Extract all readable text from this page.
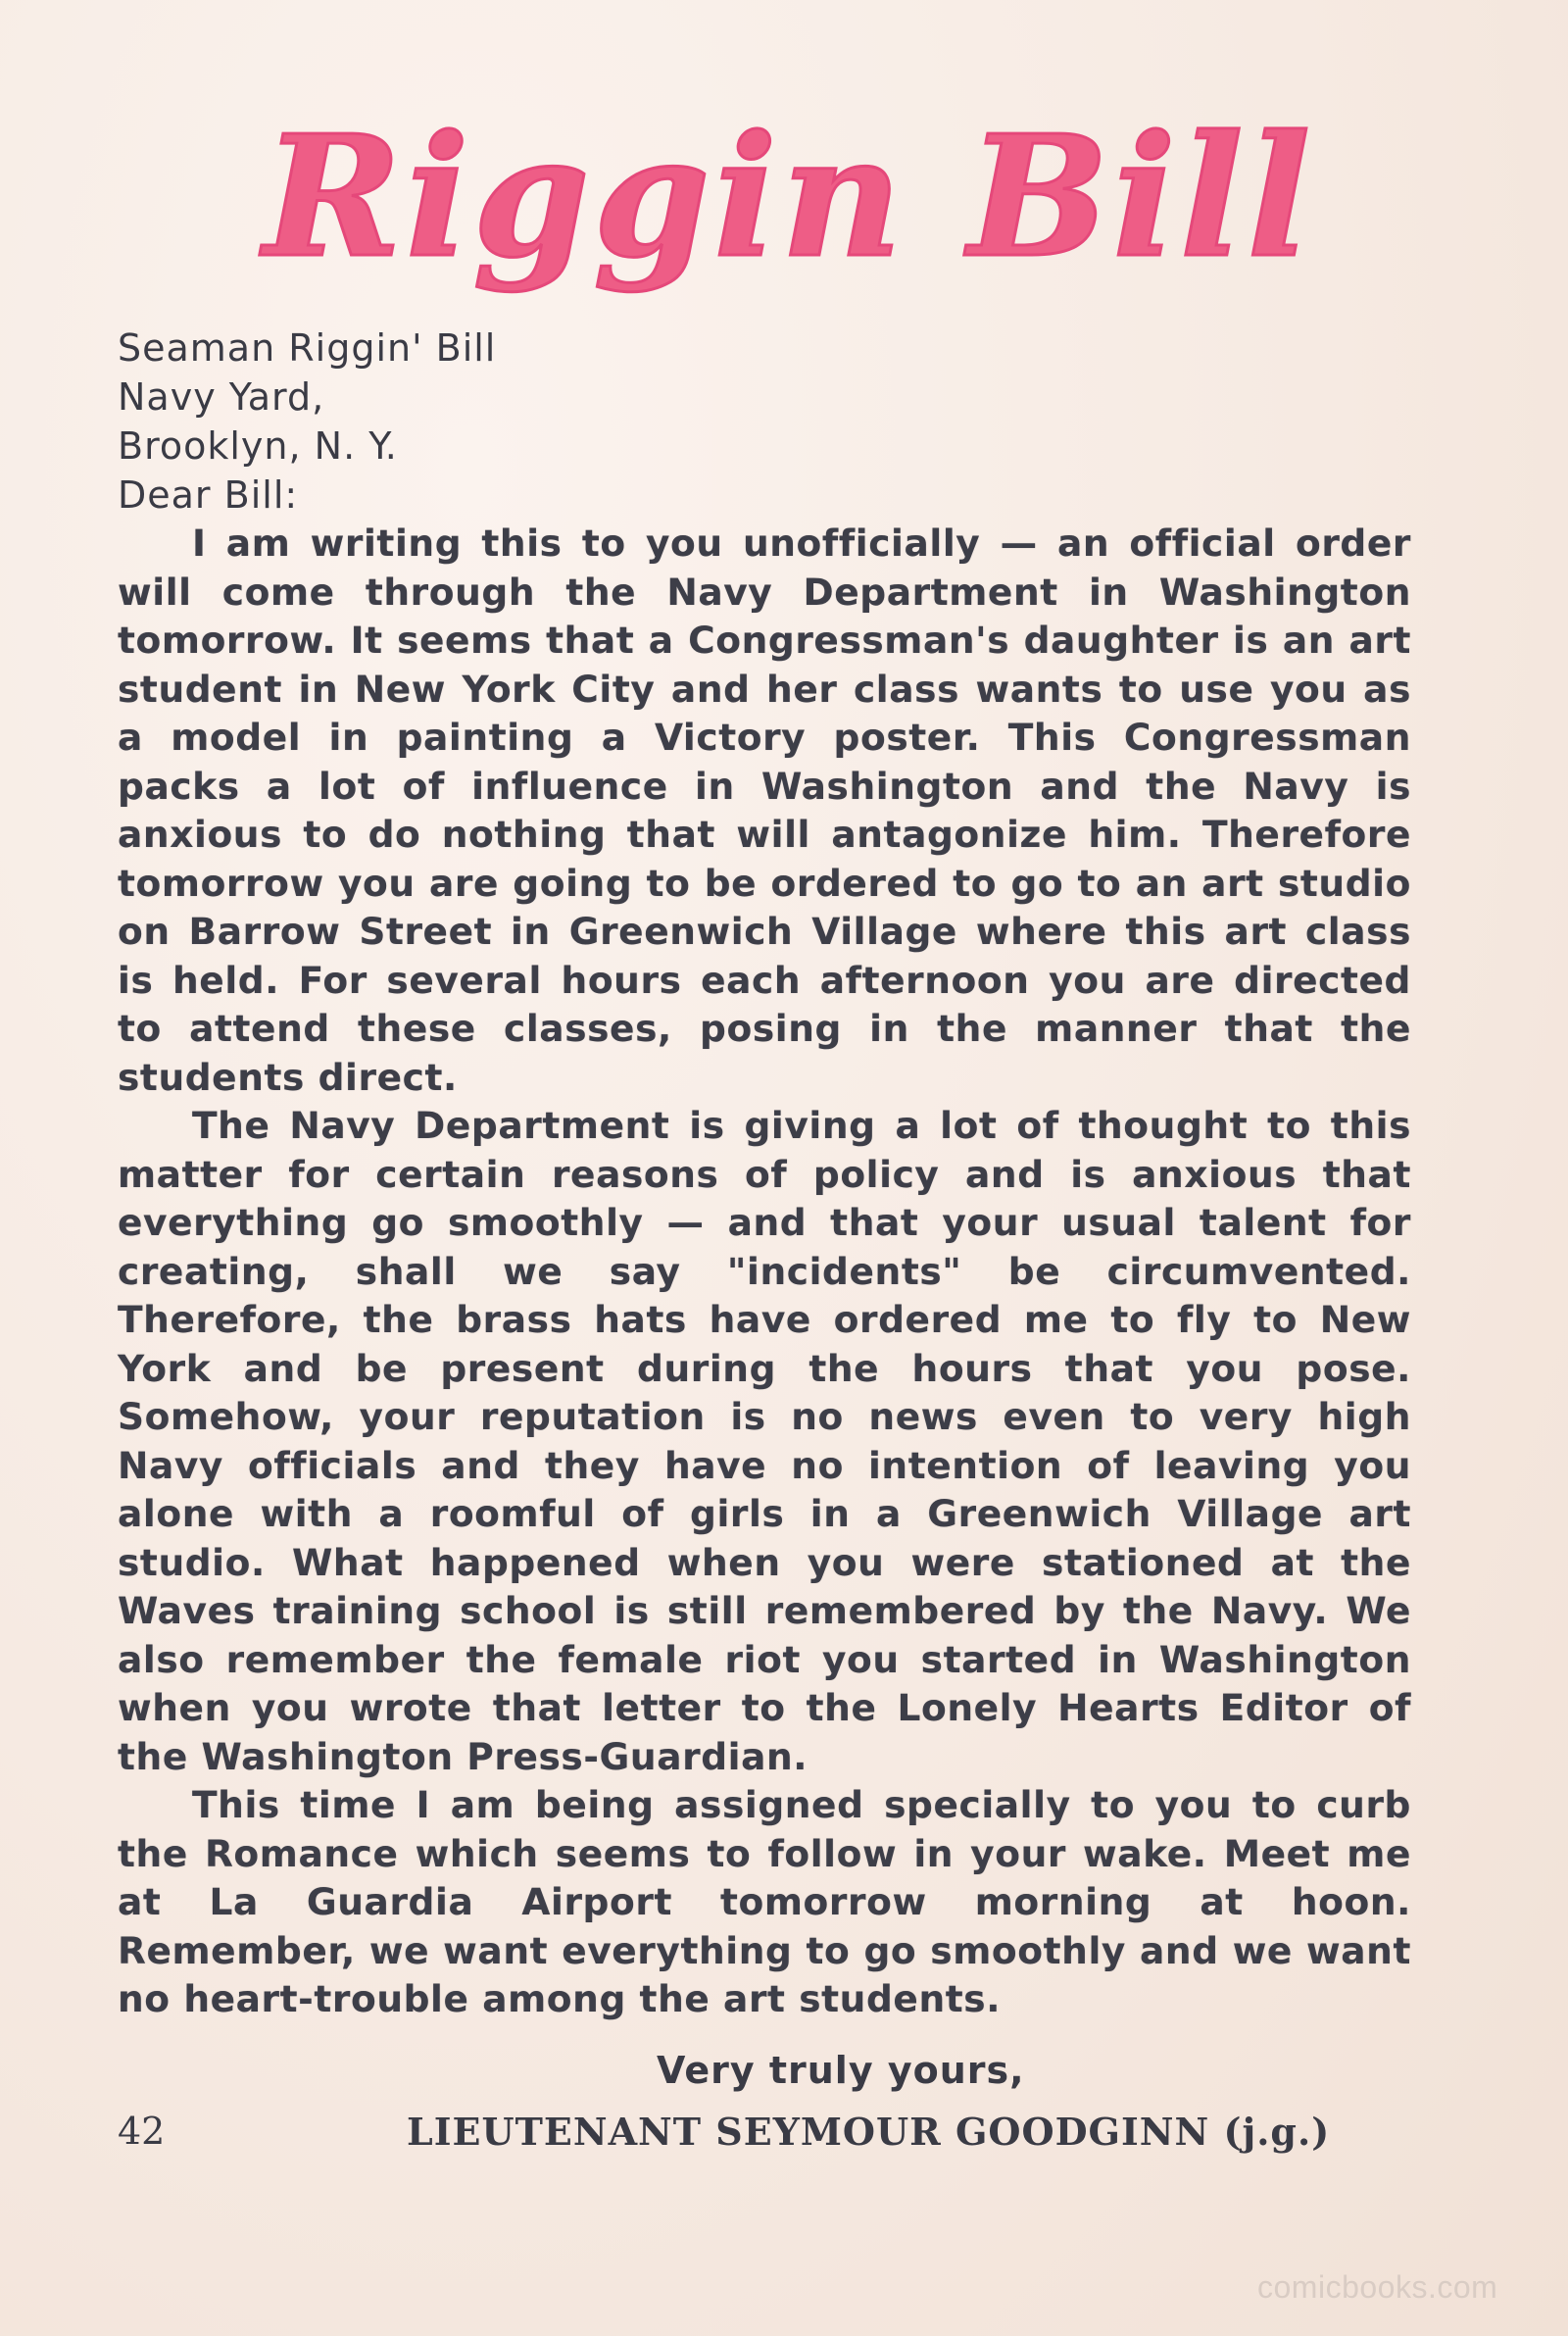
Riggin Bill
Seaman Riggin' Bill
Navy Yard,
Brooklyn, N. Y.
Dear Bill:

I am writing this to you unofficially — an official order will come through the Navy Department in Washington tomorrow. It seems that a Congressman's daughter is an art student in New York City and her class wants to use you as a model in painting a Victory poster. This Congressman packs a lot of influence in Washington and the Navy is anxious to do nothing that will antagonize him. Therefore tomorrow you are going to be ordered to go to an art studio on Barrow Street in Greenwich Village where this art class is held. For several hours each afternoon you are directed to attend these classes, posing in the manner that the students direct.

The Navy Department is giving a lot of thought to this matter for certain reasons of policy and is anxious that everything go smoothly — and that your usual talent for creating, shall we say "incidents" be circumvented. Therefore, the brass hats have ordered me to fly to New York and be present during the hours that you pose. Somehow, your reputation is no news even to very high Navy officials and they have no intention of leaving you alone with a roomful of girls in a Greenwich Village art studio. What happened when you were stationed at the Waves training school is still remembered by the Navy. We also remember the female riot you started in Washington when you wrote that letter to the Lonely Hearts Editor of the Washington Press-Guardian.

This time I am being assigned specially to you to curb the Romance which seems to follow in your wake. Meet me at La Guardia Airport tomorrow morning at hoon. Remember, we want everything to go smoothly and we want no heart-trouble among the art students.

Very truly yours,
42	LIEUTENANT SEYMOUR GOODGINN (j.g.)
comicbooks.com
